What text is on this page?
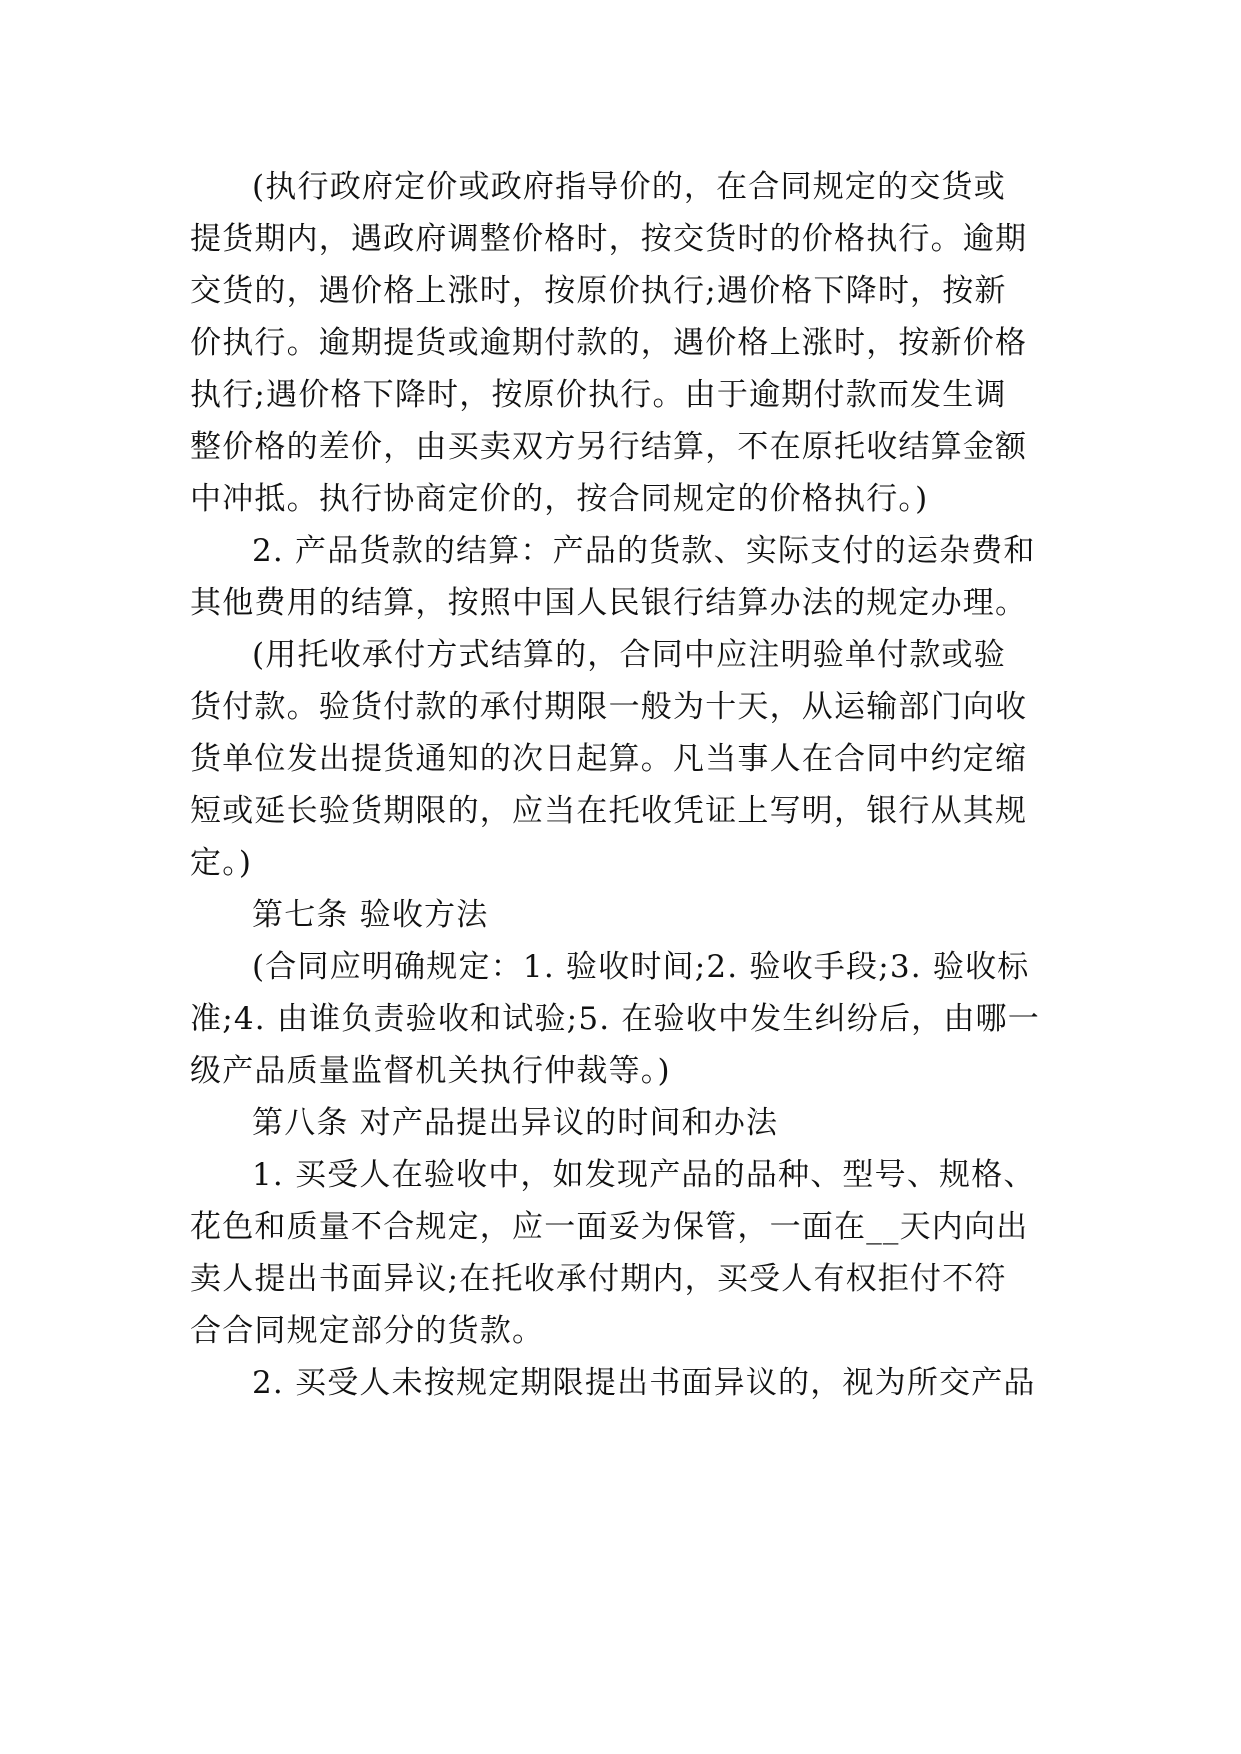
(执行政府定价或政府指导价的，在合同规定的交货或
提货期内，遇政府调整价格时，按交货时的价格执行。逾期
交货的，遇价格上涨时，按原价执行;遇价格下降时，按新
价执行。逾期提货或逾期付款的，遇价格上涨时，按新价格
执行;遇价格下降时，按原价执行。由于逾期付款而发生调
整价格的差价，由买卖双方另行结算，不在原托收结算金额
中冲抵。执行协商定价的，按合同规定的价格执行。)
2. 产品货款的结算：产品的货款、实际支付的运杂费和
其他费用的结算，按照中国人民银行结算办法的规定办理。
(用托收承付方式结算的，合同中应注明验单付款或验
货付款。验货付款的承付期限一般为十天，从运输部门向收
货单位发出提货通知的次日起算。凡当事人在合同中约定缩
短或延长验货期限的，应当在托收凭证上写明，银行从其规
定。)
第七条 验收方法
(合同应明确规定：1. 验收时间;2. 验收手段;3. 验收标
准;4. 由谁负责验收和试验;5. 在验收中发生纠纷后，由哪一
级产品质量监督机关执行仲裁等。)
第八条 对产品提出异议的时间和办法
1. 买受人在验收中，如发现产品的品种、型号、规格、
花色和质量不合规定，应一面妥为保管，一面在__天内向出
卖人提出书面异议;在托收承付期内，买受人有权拒付不符
合合同规定部分的货款。
2. 买受人未按规定期限提出书面异议的，视为所交产品
